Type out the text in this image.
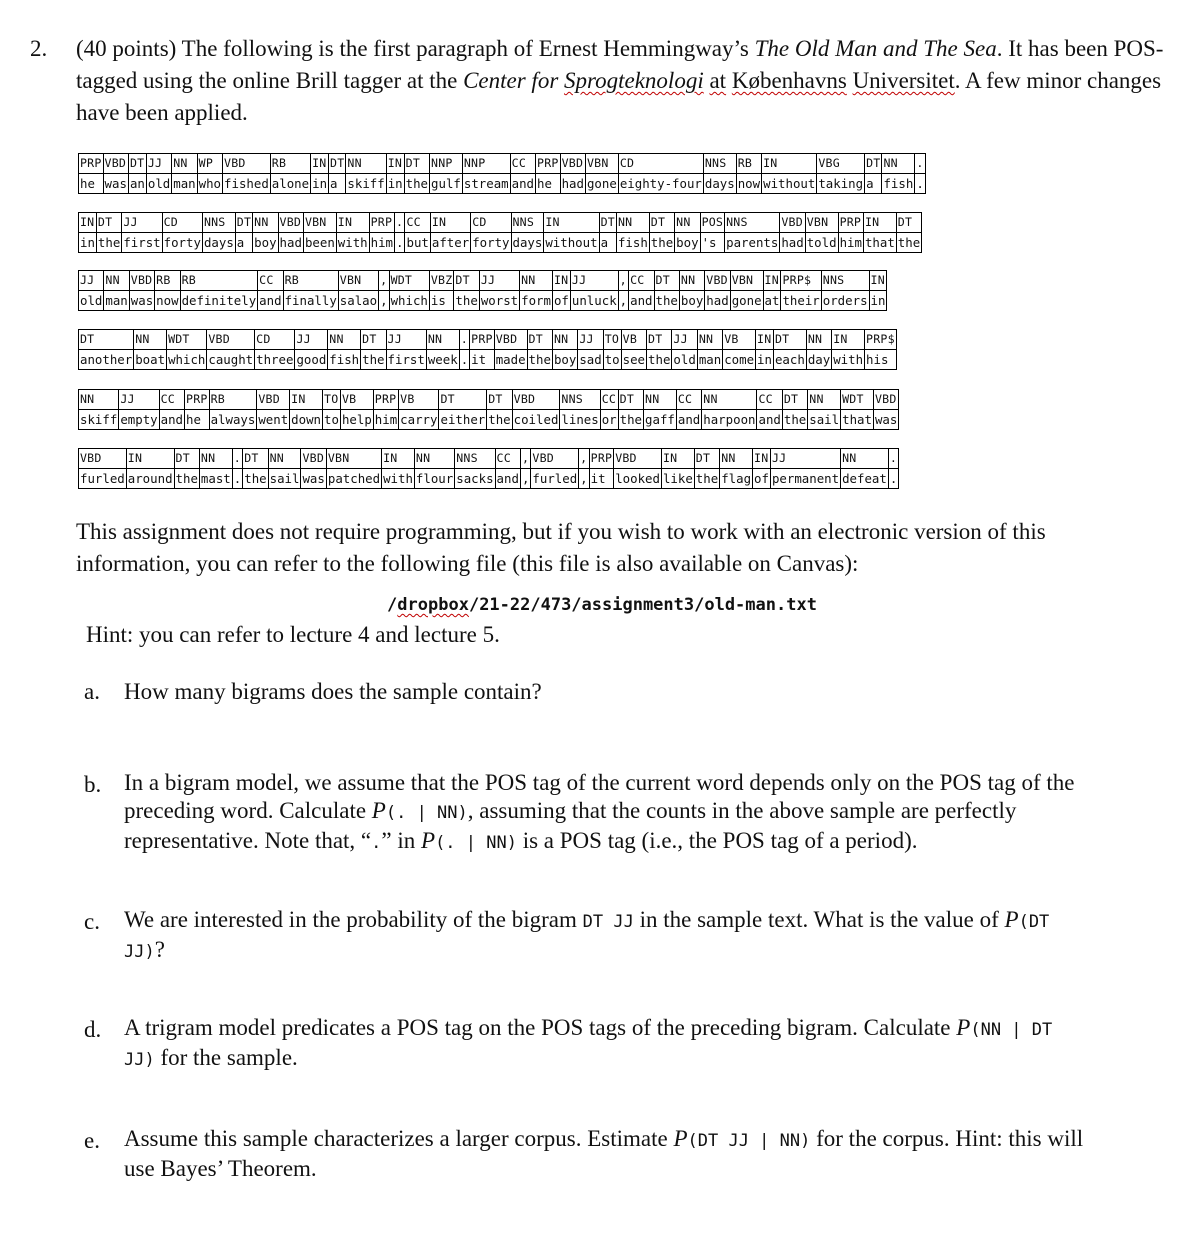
2. (40 points) The following is the first paragraph of Ernest Hemmingway’s The Old Man and The Sea. It has been POS-tagged using the online Brill tagger at the Center for Sprogteknologi at Københavns Universitet. A few minor changes have been applied.
PRP	VBD	DT	JJ	NN	WP	VBD	RB	IN	DT	NN	IN	DT	NNP	NNP	CC	PRP	VBD	VBN	CD	NNS	RB	IN	VBG	DT	NN	.
he	was	an	old	man	who	fished	alone	in	a	skiff	in	the	gulf	stream	and	he	had	gone	eighty-four	days	now	without	taking	a	fish	.
IN	DT	JJ	CD	NNS	DT	NN	VBD	VBN	IN	PRP	.	CC	IN	CD	NNS	IN	DT	NN	DT	NN	POS	NNS	VBD	VBN	PRP	IN	DT
in	the	first	forty	days	a	boy	had	been	with	him	.	but	after	forty	days	without	a	fish	the	boy	's	parents	had	told	him	that	the
JJ	NN	VBD	RB	RB	CC	RB	VBN	,	WDT	VBZ	DT	JJ	NN	IN	JJ	,	CC	DT	NN	VBD	VBN	IN	PRP$	NNS	IN
old	man	was	now	definitely	and	finally	salao	,	which	is	the	worst	form	of	unluck	,	and	the	boy	had	gone	at	their	orders	in
DT	NN	WDT	VBD	CD	JJ	NN	DT	JJ	NN	.	PRP	VBD	DT	NN	JJ	TO	VB	DT	JJ	NN	VB	IN	DT	NN	IN	PRP$
another	boat	which	caught	three	good	fish	the	first	week	.	it	made	the	boy	sad	to	see	the	old	man	come	in	each	day	with	his
NN	JJ	CC	PRP	RB	VBD	IN	TO	VB	PRP	VB	DT	DT	VBD	NNS	CC	DT	NN	CC	NN	CC	DT	NN	WDT	VBD
skiff	empty	and	he	always	went	down	to	help	him	carry	either	the	coiled	lines	or	the	gaff	and	harpoon	and	the	sail	that	was
VBD	IN	DT	NN	.	DT	NN	VBD	VBN	IN	NN	NNS	CC	,	VBD	,	PRP	VBD	IN	DT	NN	IN	JJ	NN	.
furled	around	the	mast	.	the	sail	was	patched	with	flour	sacks	and	,	furled	,	it	looked	like	the	flag	of	permanent	defeat	.
This assignment does not require programming, but if you wish to work with an electronic version of this information, you can refer to the following file (this file is also available on Canvas):
/dropbox/21-22/473/assignment3/old-man.txt
Hint: you can refer to lecture 4 and lecture 5.
a. How many bigrams does the sample contain?
b. In a bigram model, we assume that the POS tag of the current word depends only on the POS tag of the preceding word. Calculate P(. | NN), assuming that the counts in the above sample are perfectly representative. Note that, “.” in P(. | NN) is a POS tag (i.e., the POS tag of a period).
c. We are interested in the probability of the bigram DT JJ in the sample text. What is the value of P(DT JJ)?
d. A trigram model predicates a POS tag on the POS tags of the preceding bigram. Calculate P(NN | DT JJ) for the sample.
e. Assume this sample characterizes a larger corpus. Estimate P(DT JJ | NN) for the corpus. Hint: this will use Bayes’ Theorem.
